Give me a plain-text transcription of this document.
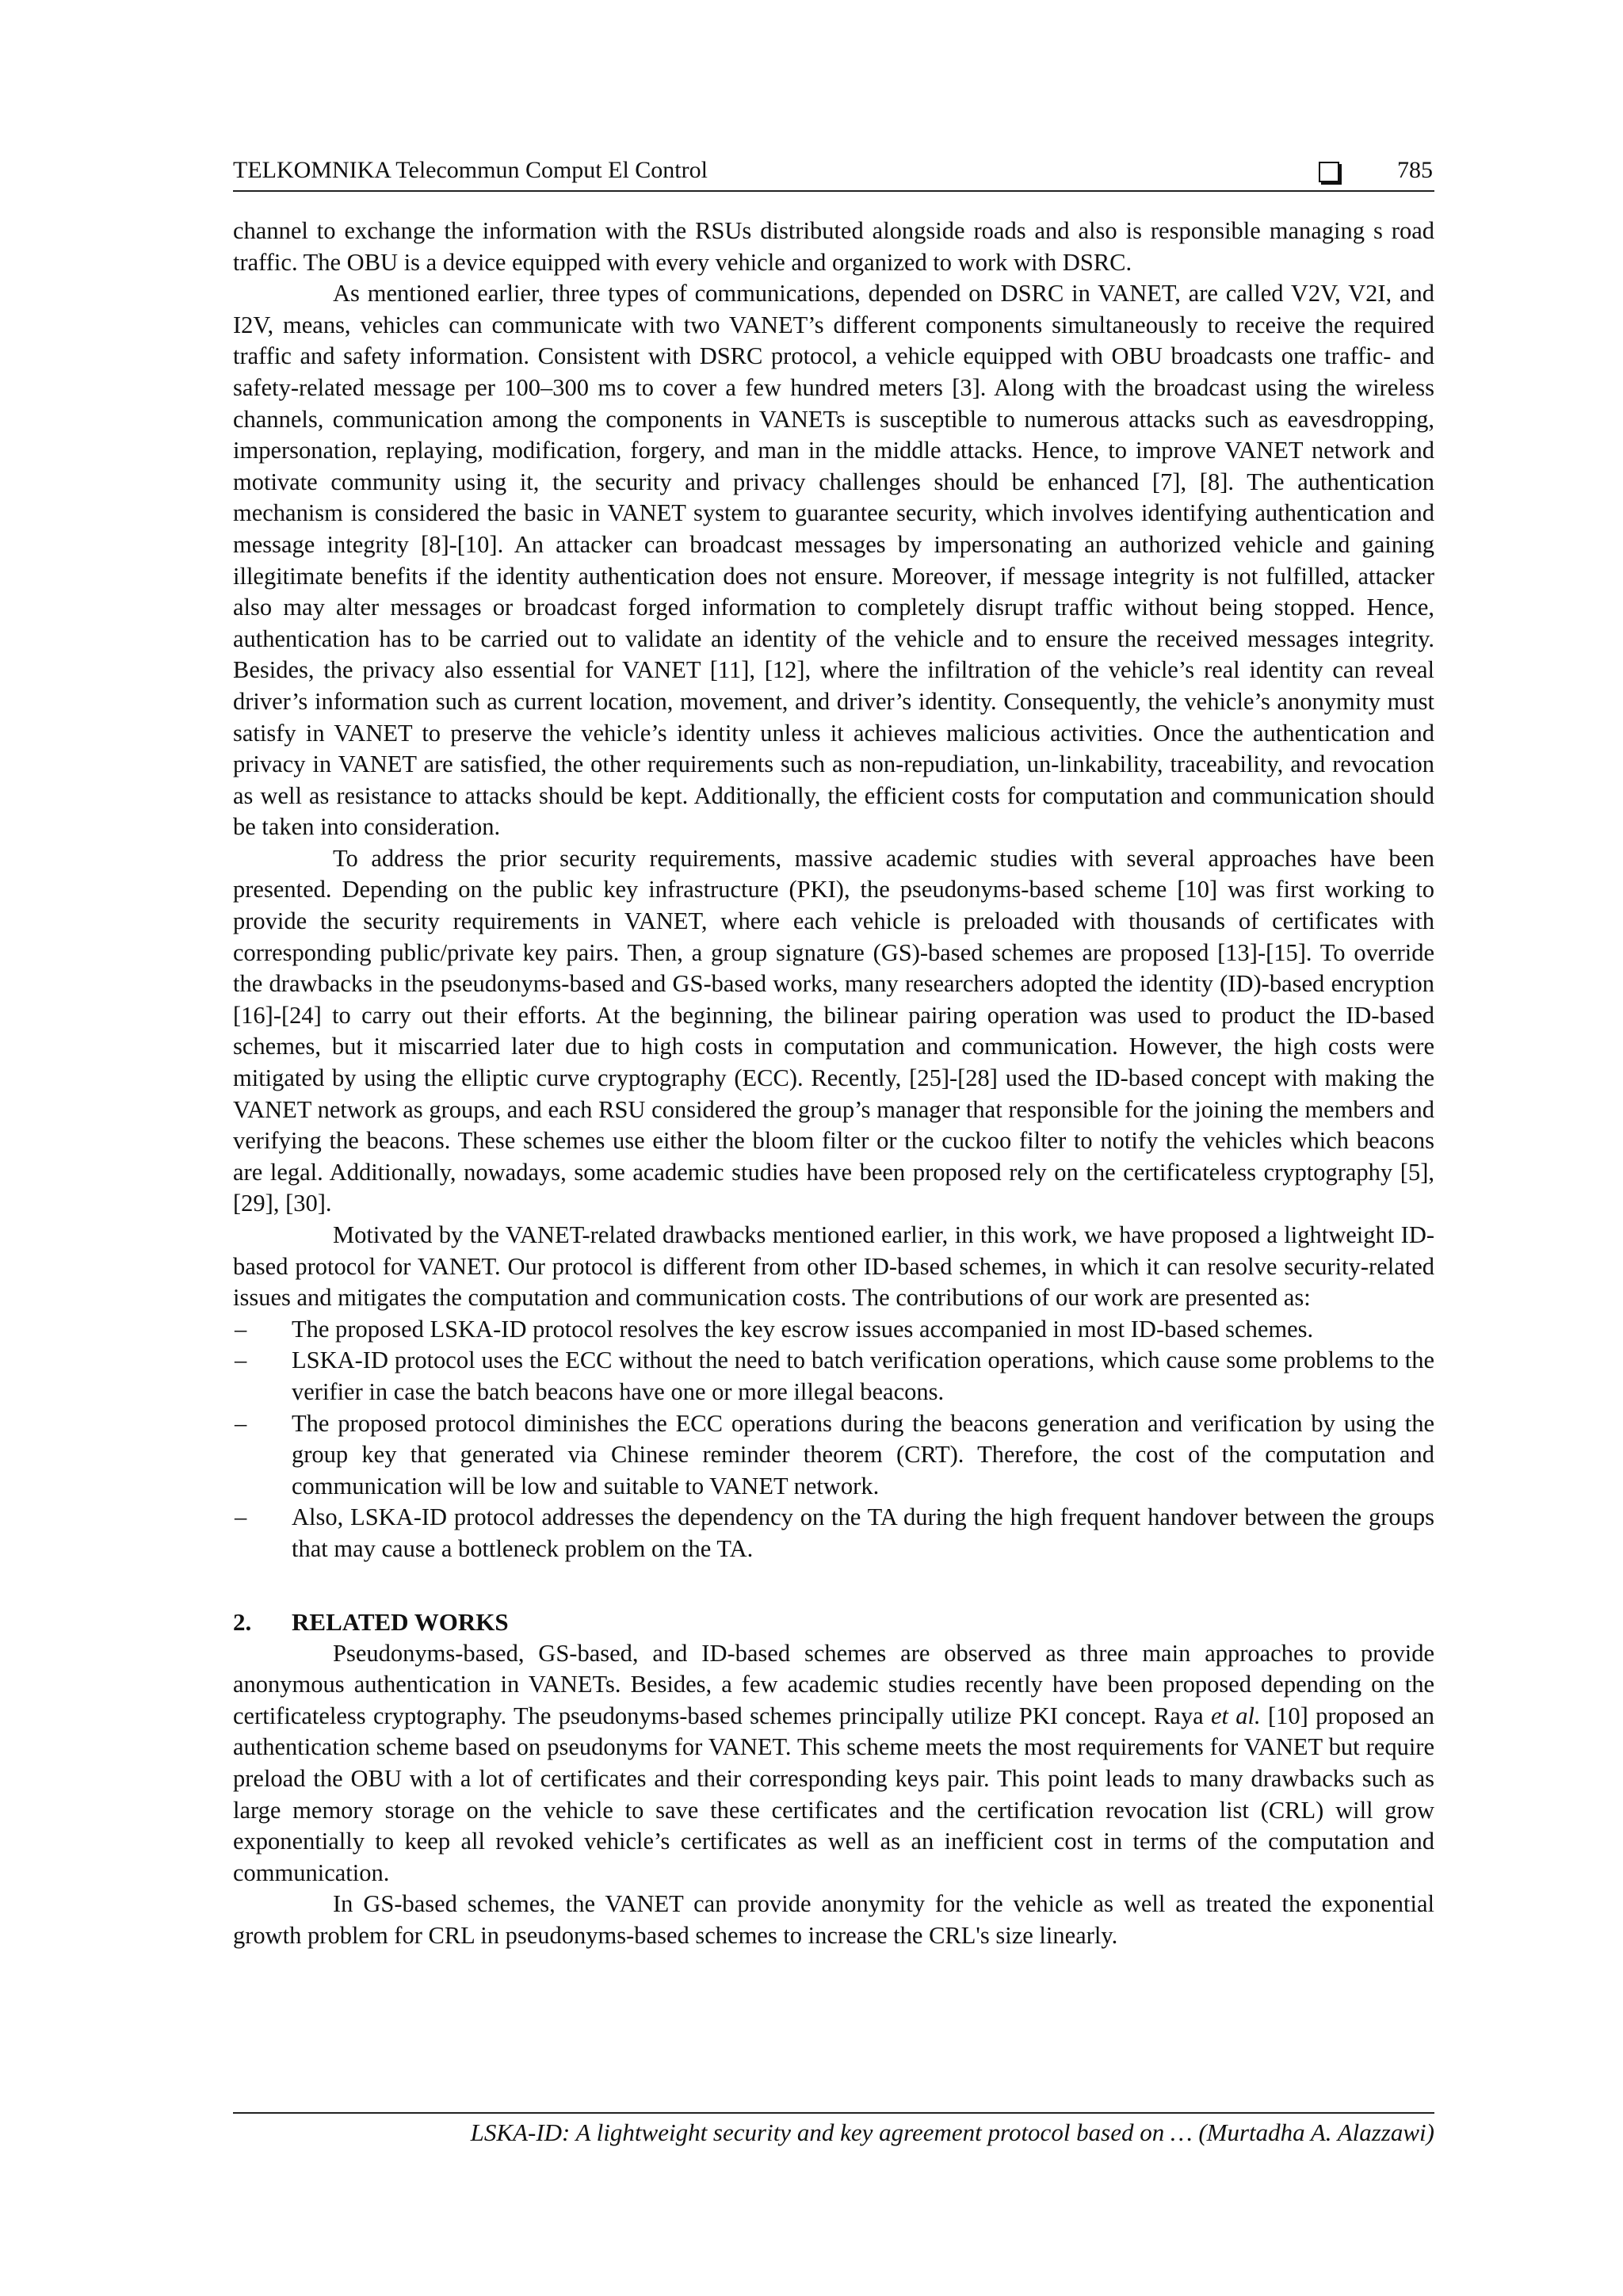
TELKOMNIKA Telecommun Comput El Control	785

channel to exchange the information with the RSUs distributed alongside roads and also is responsible managing s road traffic. The OBU is a device equipped with every vehicle and organized to work with DSRC.

As mentioned earlier, three types of communications, depended on DSRC in VANET, are called V2V, V2I, and I2V, means, vehicles can communicate with two VANET’s different components simultaneously to receive the required traffic and safety information. Consistent with DSRC protocol, a vehicle equipped with OBU broadcasts one traffic- and safety-related message per 100‒300 ms to cover a few hundred meters [3]. Along with the broadcast using the wireless channels, communication among the components in VANETs is susceptible to numerous attacks such as eavesdropping, impersonation, replaying, modification, forgery, and man in the middle attacks. Hence, to improve VANET network and motivate community using it, the security and privacy challenges should be enhanced [7], [8]. The authentication mechanism is considered the basic in VANET system to guarantee security, which involves identifying authentication and message integrity [8]-[10]. An attacker can broadcast messages by impersonating an authorized vehicle and gaining illegitimate benefits if the identity authentication does not ensure. Moreover, if message integrity is not fulfilled, attacker also may alter messages or broadcast forged information to completely disrupt traffic without being stopped. Hence, authentication has to be carried out to validate an identity of the vehicle and to ensure the received messages integrity. Besides, the privacy also essential for VANET [11], [12], where the infiltration of the vehicle’s real identity can reveal driver’s information such as current location, movement, and driver’s identity. Consequently, the vehicle’s anonymity must satisfy in VANET to preserve the vehicle’s identity unless it achieves malicious activities. Once the authentication and privacy in VANET are satisfied, the other requirements such as non-repudiation, un-linkability, traceability, and revocation as well as resistance to attacks should be kept. Additionally, the efficient costs for computation and communication should be taken into consideration.

To address the prior security requirements, massive academic studies with several approaches have been presented. Depending on the public key infrastructure (PKI), the pseudonyms-based scheme [10] was first working to provide the security requirements in VANET, where each vehicle is preloaded with thousands of certificates with corresponding public/private key pairs. Then, a group signature (GS)-based schemes are proposed [13]-[15]. To override the drawbacks in the pseudonyms-based and GS-based works, many researchers adopted the identity (ID)-based encryption [16]-[24] to carry out their efforts. At the beginning, the bilinear pairing operation was used to product the ID-based schemes, but it miscarried later due to high costs in computation and communication. However, the high costs were mitigated by using the elliptic curve cryptography (ECC). Recently, [25]-[28] used the ID-based concept with making the VANET network as groups, and each RSU considered the group’s manager that responsible for the joining the members and verifying the beacons. These schemes use either the bloom filter or the cuckoo filter to notify the vehicles which beacons are legal. Additionally, nowadays, some academic studies have been proposed rely on the certificateless cryptography [5], [29], [30].

Motivated by the VANET-related drawbacks mentioned earlier, in this work, we have proposed a lightweight ID-based protocol for VANET. Our protocol is different from other ID-based schemes, in which it can resolve security-related issues and mitigates the computation and communication costs. The contributions of our work are presented as:

– The proposed LSKA-ID protocol resolves the key escrow issues accompanied in most ID-based schemes.
– LSKA-ID protocol uses the ECC without the need to batch verification operations, which cause some problems to the verifier in case the batch beacons have one or more illegal beacons.
– The proposed protocol diminishes the ECC operations during the beacons generation and verification by using the group key that generated via Chinese reminder theorem (CRT). Therefore, the cost of the computation and communication will be low and suitable to VANET network.
– Also, LSKA-ID protocol addresses the dependency on the TA during the high frequent handover between the groups that may cause a bottleneck problem on the TA.
2. RELATED WORKS

Pseudonyms-based, GS-based, and ID-based schemes are observed as three main approaches to provide anonymous authentication in VANETs. Besides, a few academic studies recently have been proposed depending on the certificateless cryptography. The pseudonyms-based schemes principally utilize PKI concept. Raya et al. [10] proposed an authentication scheme based on pseudonyms for VANET. This scheme meets the most requirements for VANET but require preload the OBU with a lot of certificates and their corresponding keys pair. This point leads to many drawbacks such as large memory storage on the vehicle to save these certificates and the certification revocation list (CRL) will grow exponentially to keep all revoked vehicle’s certificates as well as an inefficient cost in terms of the computation and communication.

In GS-based schemes, the VANET can provide anonymity for the vehicle as well as treated the exponential growth problem for CRL in pseudonyms-based schemes to increase the CRL's size linearly.

LSKA-ID: A lightweight security and key agreement protocol based on … (Murtadha A. Alazzawi)
